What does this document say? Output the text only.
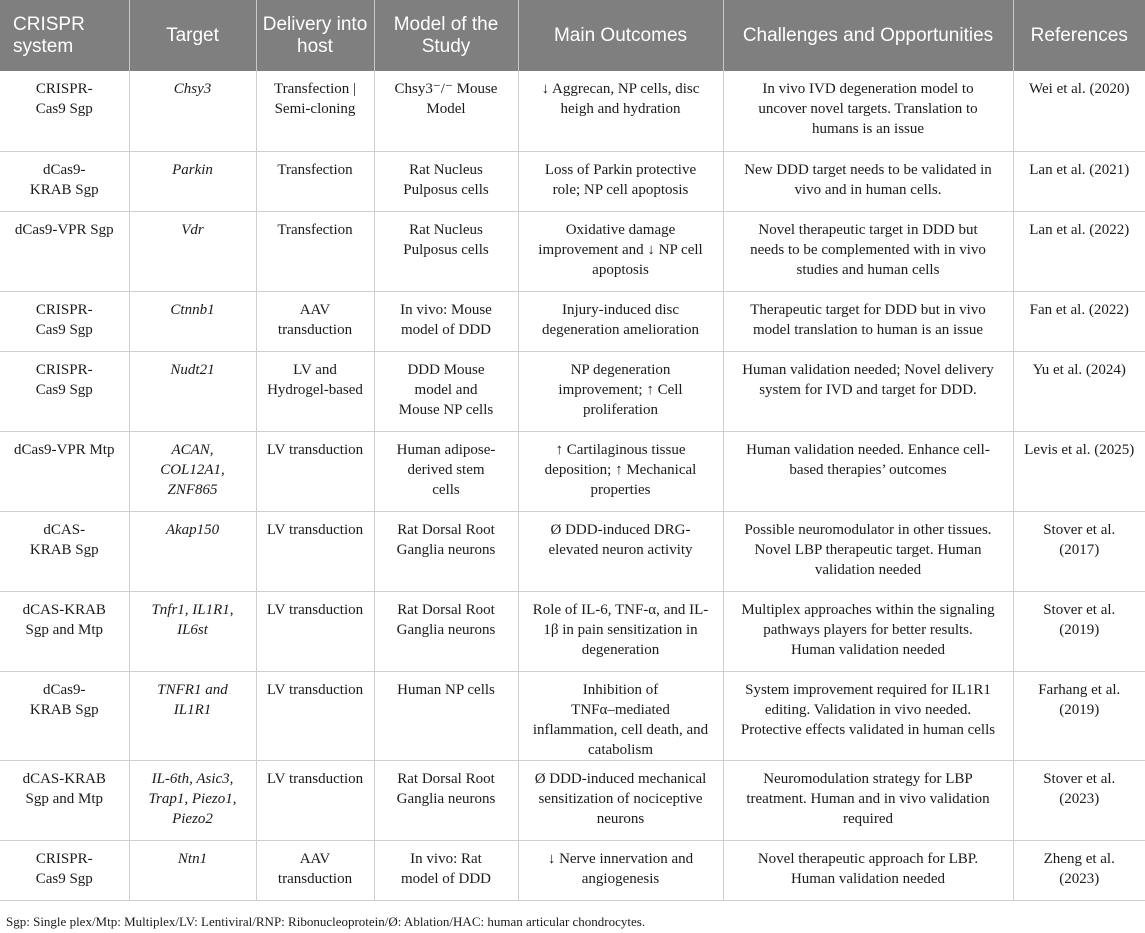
CRISPR system	Target	Delivery into host	Model of the Study	Main Outcomes	Challenges and Opportunities	References

CRISPR-
Cas9 Sgp	Chsy3	Transfection |
Semi-cloning	Chsy3⁻/⁻ Mouse
Model	↓ Aggrecan, NP cells, disc
heigh and hydration	In vivo IVD degeneration model to
uncover novel targets. Translation to
humans is an issue	Wei et al. (2020)

dCas9-
KRAB Sgp	Parkin	Transfection	Rat Nucleus
Pulposus cells	Loss of Parkin protective
role; NP cell apoptosis	New DDD target needs to be validated in
vivo and in human cells.	Lan et al. (2021)

dCas9-VPR Sgp	Vdr	Transfection	Rat Nucleus
Pulposus cells	Oxidative damage
improvement and ↓ NP cell
apoptosis	Novel therapeutic target in DDD but
needs to be complemented with in vivo
studies and human cells	Lan et al. (2022)

CRISPR-
Cas9 Sgp	Ctnnb1	AAV
transduction	In vivo: Mouse
model of DDD	Injury-induced disc
degeneration amelioration	Therapeutic target for DDD but in vivo
model translation to human is an issue	Fan et al. (2022)

CRISPR-
Cas9 Sgp	Nudt21	LV and
Hydrogel-based	DDD Mouse
model and
Mouse NP cells	NP degeneration
improvement; ↑ Cell
proliferation	Human validation needed; Novel delivery
system for IVD and target for DDD.	Yu et al. (2024)

dCas9-VPR Mtp	ACAN,
COL12A1,
ZNF865	LV transduction	Human adipose-
derived stem
cells	↑ Cartilaginous tissue
deposition; ↑ Mechanical
properties	Human validation needed. Enhance cell-
based therapies’ outcomes	Levis et al. (2025)

dCAS-
KRAB Sgp	Akap150	LV transduction	Rat Dorsal Root
Ganglia neurons	Ø DDD-induced DRG-
elevated neuron activity	Possible neuromodulator in other tissues.
Novel LBP therapeutic target. Human
validation needed	Stover et al.
(2017)

dCAS-KRAB
Sgp and Mtp	Tnfr1, IL1R1,
IL6st	LV transduction	Rat Dorsal Root
Ganglia neurons	Role of IL-6, TNF-α, and IL-
1β in pain sensitization in
degeneration	Multiplex approaches within the signaling
pathways players for better results.
Human validation needed	Stover et al.
(2019)

dCas9-
KRAB Sgp	TNFR1 and
IL1R1	LV transduction	Human NP cells	Inhibition of
TNFα–mediated
inflammation, cell death, and
catabolism	System improvement required for IL1R1
editing. Validation in vivo needed.
Protective effects validated in human cells	Farhang et al.
(2019)

dCAS-KRAB
Sgp and Mtp	IL-6th, Asic3,
Trap1, Piezo1,
Piezo2	LV transduction	Rat Dorsal Root
Ganglia neurons	Ø DDD-induced mechanical
sensitization of nociceptive
neurons	Neuromodulation strategy for LBP
treatment. Human and in vivo validation
required	Stover et al.
(2023)

CRISPR-
Cas9 Sgp	Ntn1	AAV
transduction	In vivo: Rat
model of DDD	↓ Nerve innervation and
angiogenesis	Novel therapeutic approach for LBP.
Human validation needed	Zheng et al.
(2023)
Sgp: Single plex/Mtp: Multiplex/LV: Lentiviral/RNP: Ribonucleoprotein/Ø: Ablation/HAC: human articular chondrocytes.
